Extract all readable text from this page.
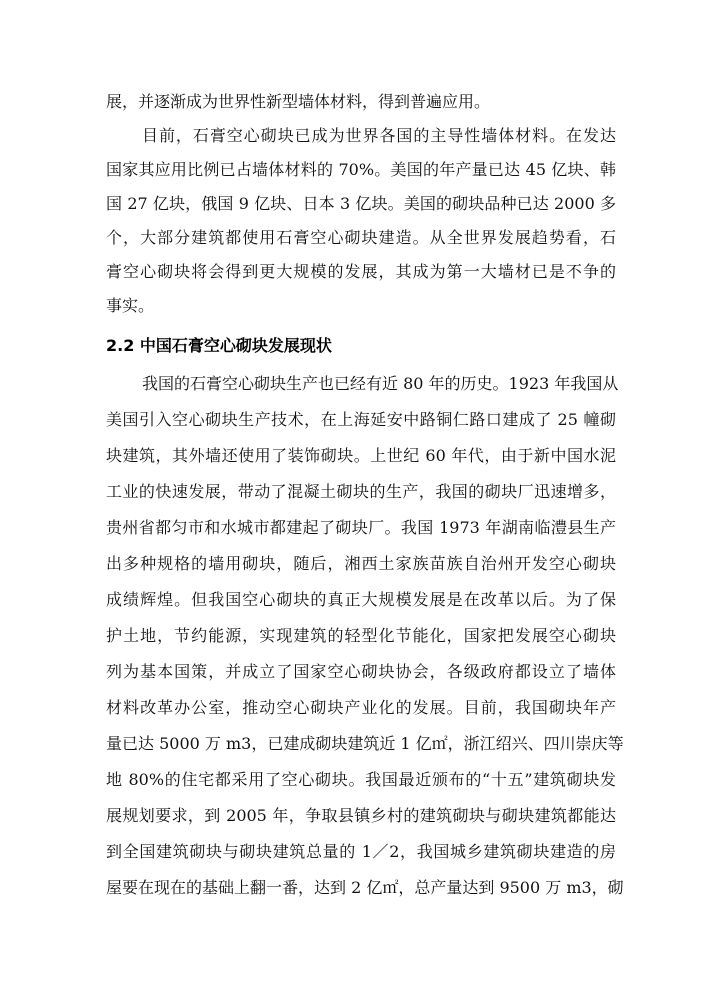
展，并逐渐成为世界性新型墙体材料，得到普遍应用。
目前，石膏空心砌块已成为世界各国的主导性墙体材料。在发达
国家其应用比例已占墙体材料的 70%。美国的年产量已达 45 亿块、韩
国 27 亿块，俄国 9 亿块、日本 3 亿块。美国的砌块品种已达 2000 多
个，大部分建筑都使用石膏空心砌块建造。从全世界发展趋势看，石
膏空心砌块将会得到更大规模的发展，其成为第一大墙材已是不争的
事实。
2.2 中国石膏空心砌块发展现状
我国的石膏空心砌块生产也已经有近 80 年的历史。1923 年我国从
美国引入空心砌块生产技术，在上海延安中路铜仁路口建成了 25 幢砌
块建筑，其外墙还使用了装饰砌块。上世纪 60 年代，由于新中国水泥
工业的快速发展，带动了混凝土砌块的生产，我国的砌块厂迅速增多，
贵州省都匀市和水城市都建起了砌块厂。我国 1973 年湖南临澧县生产
出多种规格的墙用砌块，随后，湘西土家族苗族自治州开发空心砌块
成绩辉煌。但我国空心砌块的真正大规模发展是在改革以后。为了保
护土地，节约能源，实现建筑的轻型化节能化，国家把发展空心砌块
列为基本国策，并成立了国家空心砌块协会，各级政府都设立了墙体
材料改革办公室，推动空心砌块产业化的发展。目前，我国砌块年产
量已达 5000 万 m3，已建成砌块建筑近 1 亿㎡，浙江绍兴、四川崇庆等
地 80%的住宅都采用了空心砌块。我国最近颁布的“十五”建筑砌块发
展规划要求，到 2005 年，争取县镇乡村的建筑砌块与砌块建筑都能达
到全国建筑砌块与砌块建筑总量的 1／2，我国城乡建筑砌块建造的房
屋要在现在的基础上翻一番，达到 2 亿㎡，总产量达到 9500 万 m3，砌
